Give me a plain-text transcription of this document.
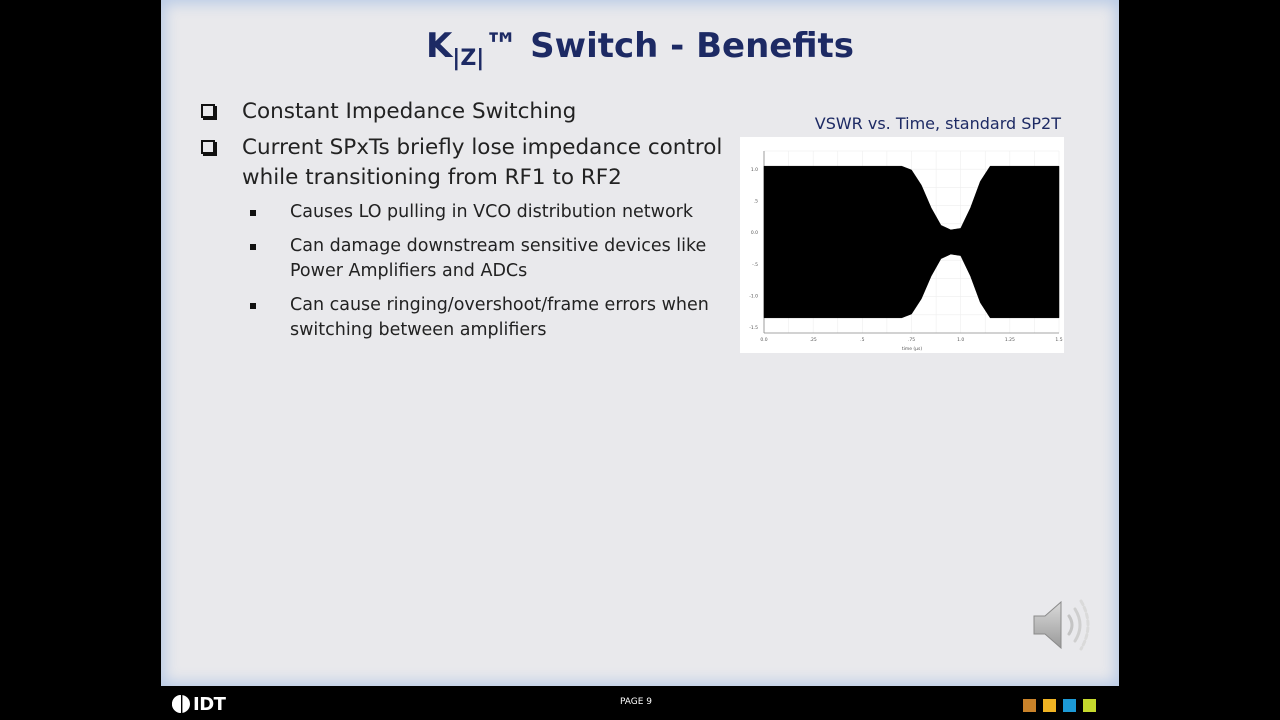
$K_{|Z|}™$ Switch - Benefits
Constant Impedance Switching
Current SPxTs briefly lose impedance control while transitioning from RF1 to RF2
Causes LO pulling in VCO distribution network
Can damage downstream sensitive devices like Power Amplifiers and ADCs
Can cause ringing/overshoot/frame errors when switching between amplifiers
VSWR vs. Time, standard SP2T
0.0	.25	.5	.75	1.0	1.25	1.5
1.0
.5
0.0
-.5
-1.0
-1.5
time (µs)
IDT	PAGE 9
